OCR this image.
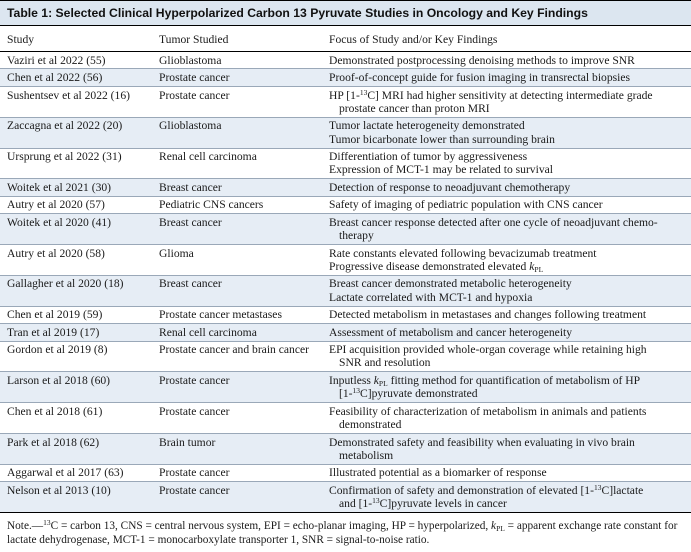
Table 1: Selected Clinical Hyperpolarized Carbon 13 Pyruvate Studies in Oncology and Key Findings
Study	Tumor Studied	Focus of Study and/or Key Findings
Vaziri et al 2022 (55)	Glioblastoma	Demonstrated postprocessing denoising methods to improve SNR

Chen et al 2022 (56)	Prostate cancer	Proof-of-concept guide for fusion imaging in transrectal biopsies

Sushentsev et al 2022 (16)	Prostate cancer	HP [1-$^{13}$C] MRI had higher sensitivity at detecting intermediate grade
prostate cancer than proton MRI

Zaccagna et al 2022 (20)	Glioblastoma	Tumor lactate heterogeneity demonstrated
Tumor bicarbonate lower than surrounding brain

Ursprung et al 2022 (31)	Renal cell carcinoma	Differentiation of tumor by aggressiveness
Expression of MCT-1 may be related to survival

Woitek et al 2021 (30)	Breast cancer	Detection of response to neoadjuvant chemotherapy

Autry et al 2020 (57)	Pediatric CNS cancers	Safety of imaging of pediatric population with CNS cancer

Woitek et al 2020 (41)	Breast cancer	Breast cancer response detected after one cycle of neoadjuvant chemo-
therapy

Autry et al 2020 (58)	Glioma	Rate constants elevated following bevacizumab treatment
Progressive disease demonstrated elevated $k_{PL}$

Gallagher et al 2020 (18)	Breast cancer	Breast cancer demonstrated metabolic heterogeneity
Lactate correlated with MCT-1 and hypoxia

Chen et al 2019 (59)	Prostate cancer metastases	Detected metabolism in metastases and changes following treatment

Tran et al 2019 (17)	Renal cell carcinoma	Assessment of metabolism and cancer heterogeneity

Gordon et al 2019 (8)	Prostate cancer and brain cancer	EPI acquisition provided whole-organ coverage while retaining high
SNR and resolution

Larson et al 2018 (60)	Prostate cancer	Inputless $k_{PL}$ fitting method for quantification of metabolism of HP
[1-$^{13}$C]pyruvate demonstrated

Chen et al 2018 (61)	Prostate cancer	Feasibility of characterization of metabolism in animals and patients
demonstrated

Park et al 2018 (62)	Brain tumor	Demonstrated safety and feasibility when evaluating in vivo brain
metabolism

Aggarwal et al 2017 (63)	Prostate cancer	Illustrated potential as a biomarker of response

Nelson et al 2013 (10)	Prostate cancer	Confirmation of safety and demonstration of elevated [1-$^{13}$C]lactate
and [1-$^{13}$C]pyruvate levels in cancer
Note.—$^{13}$C = carbon 13, CNS = central nervous system, EPI = echo-planar imaging, HP = hyperpolarized, $k_{PL}$ = apparent exchange rate constant for lactate dehydrogenase, MCT-1 = monocarboxylate transporter 1, SNR = signal-to-noise ratio.
